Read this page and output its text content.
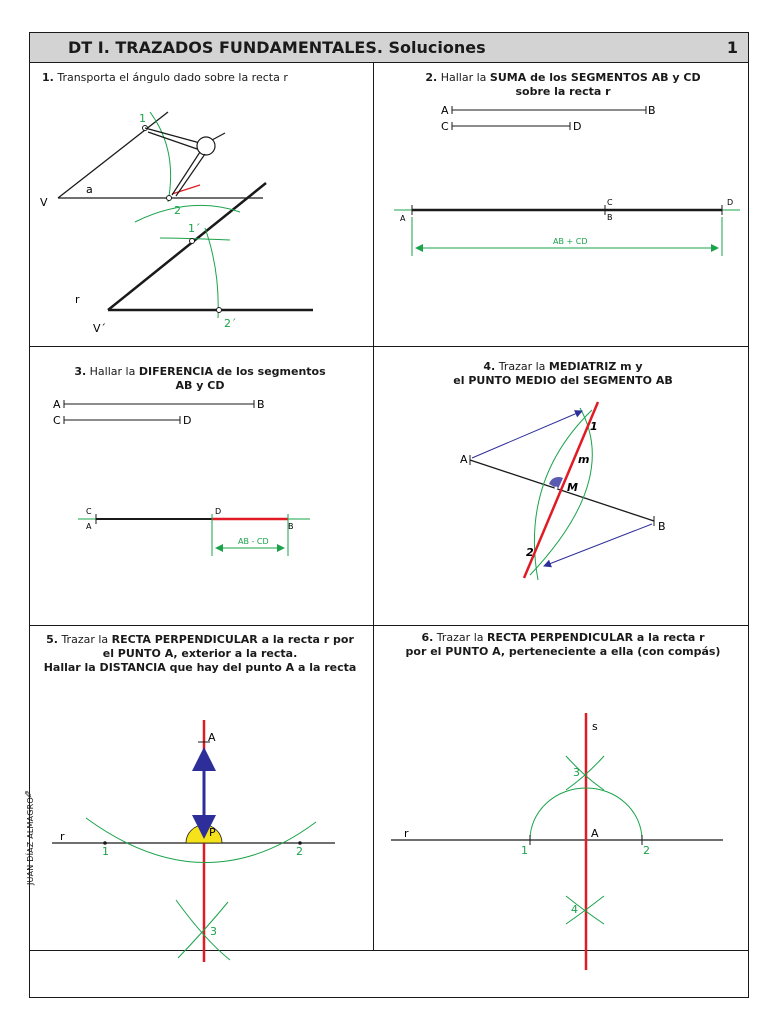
DT I. TRAZADOS FUNDAMENTALES. Soluciones	1
1. Transporta el ángulo dado sobre la recta r	2. Hallar la SUMA de los SEGMENTOS AB y CD
sobre la recta r
3. Hallar la DIFERENCIA de los segmentos
AB y CD
4. Trazar la MEDIATRIZ m y
el PUNTO MEDIO del SEGMENTO AB
5. Trazar la RECTA PERPENDICULAR a la recta r por
el PUNTO A, exterior a la recta.
Hallar la DISTANCIA que hay del punto A a la recta
6. Trazar la RECTA PERPENDICULAR a la recta r
por el PUNTO A, perteneciente a ella (con compás)
JUAN DÍAZ ALMAGRO
✎
V
a
1
2
1´
2´
r
V´
A	B
C	D
A
C
B
D
AB + CD
A	B
C	D
C
A
D
B
AB - CD
A
B
m
M
1
2
A
P
r
1	2
3
s
r	A
1	2
3
4
